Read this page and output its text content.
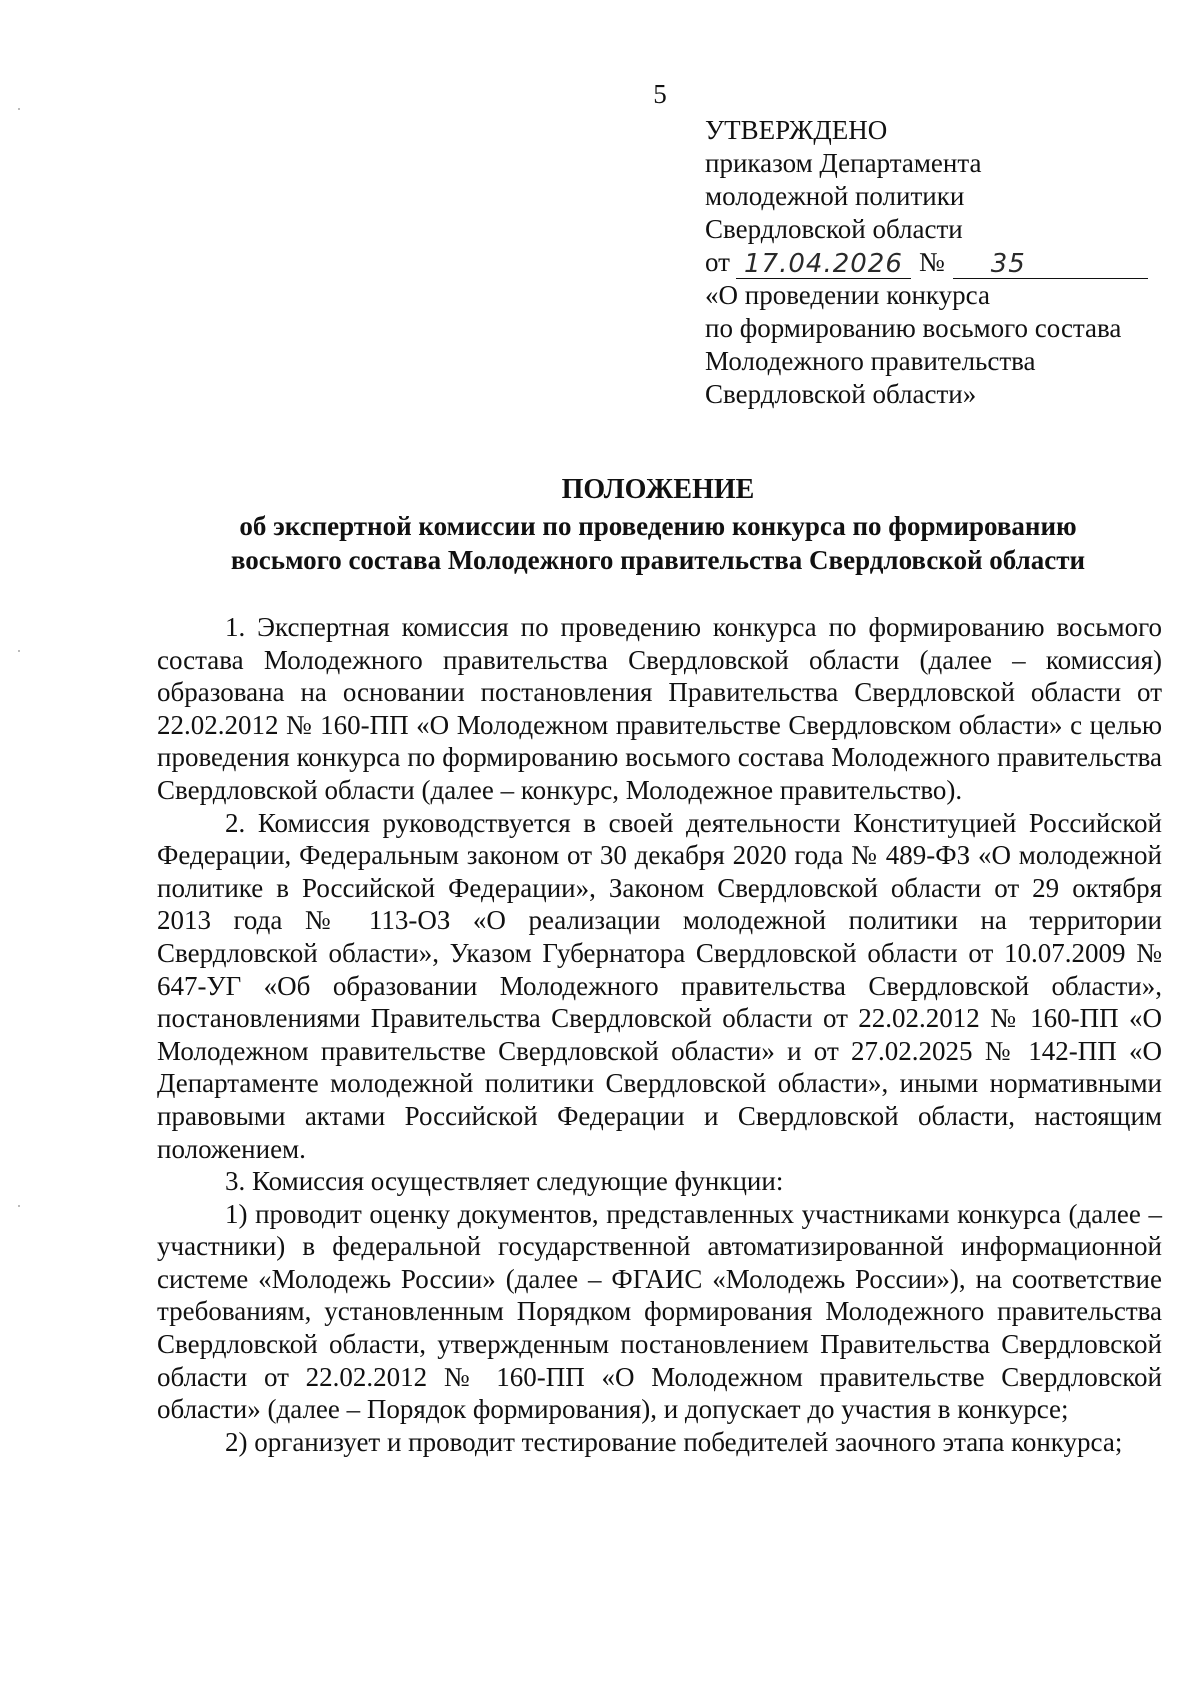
5
УТВЕРЖДЕНО
приказом Департамента
молодежной политики
Свердловской области
от 17.04.2026 №	35
«О проведении конкурса
по формированию восьмого состава
Молодежного правительства
Свердловской области»
ПОЛОЖЕНИЕ
об экспертной комиссии по проведению конкурса по формированию
восьмого состава Молодежного правительства Свердловской области

1. Экспертная комиссия по проведению конкурса по формированию восьмого состава Молодежного правительства Свердловской области (далее – комиссия) образована на основании постановления Правительства Свердловской области от 22.02.2012 № 160-ПП «О Молодежном правительстве Свердловском области» с целью проведения конкурса по формированию восьмого состава Молодежного правительства Свердловской области (далее – конкурс, Молодежное правительство).

2. Комиссия руководствуется в своей деятельности Конституцией Российской Федерации, Федеральным законом от 30 декабря 2020 года № 489-ФЗ «О молодежной политике в Российской Федерации», Законом Свердловской области от 29 октября 2013 года № 113-ОЗ «О реализации молодежной политики на территории Свердловской области», Указом Губернатора Свердловской области от 10.07.2009 № 647-УГ «Об образовании Молодежного правительства Свердловской области», постановлениями Правительства Свердловской области от 22.02.2012 № 160-ПП «О Молодежном правительстве Свердловской области» и от 27.02.2025 № 142-ПП «О Департаменте молодежной политики Свердловской области», иными нормативными правовыми актами Российской Федерации и Свердловской области, настоящим положением.

3. Комиссия осуществляет следующие функции:

1) проводит оценку документов, представленных участниками конкурса (далее – участники) в федеральной государственной автоматизированной информационной системе «Молодежь России» (далее – ФГАИС «Молодежь России»), на соответствие требованиям, установленным Порядком формирования Молодежного правительства Свердловской области, утвержденным постановлением Правительства Свердловской области от 22.02.2012 № 160-ПП «О Молодежном правительстве Свердловской области» (далее – Порядок формирования), и допускает до участия в конкурсе;

2) организует и проводит тестирование победителей заочного этапа конкурса;
